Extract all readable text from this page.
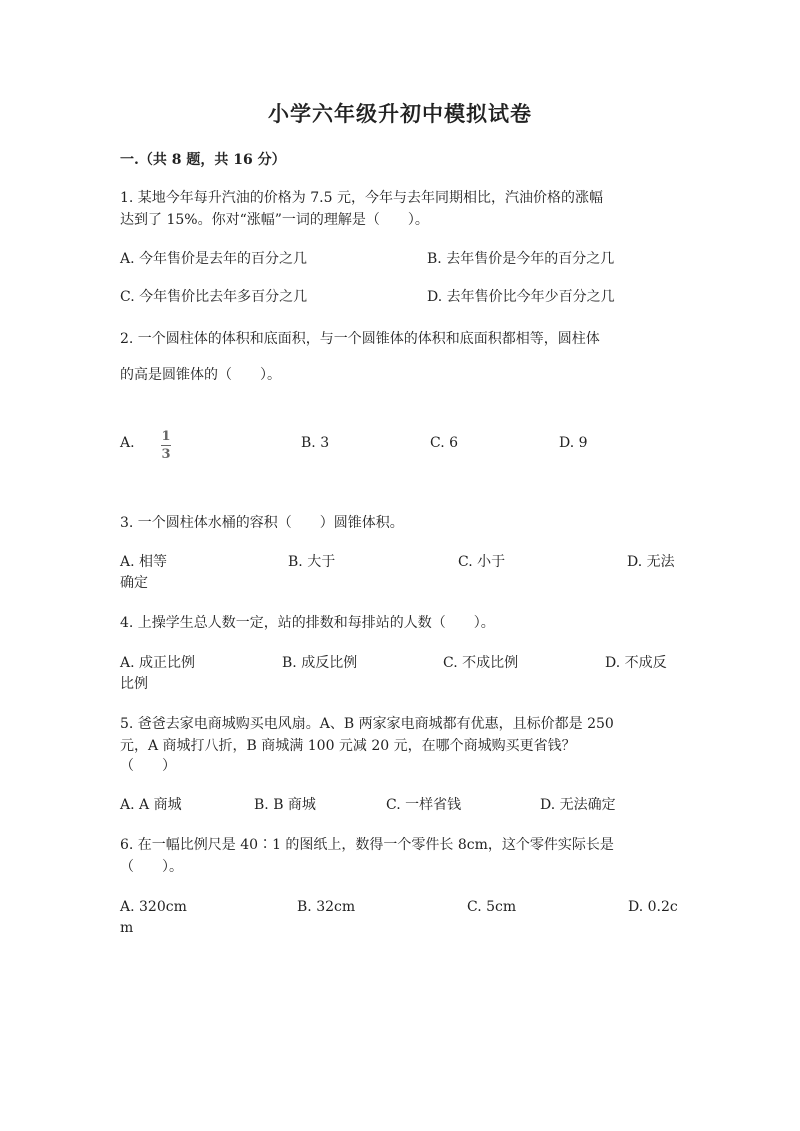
小学六年级升初中模拟试卷
一.（共 8 题，共 16 分）
1. 某地今年每升汽油的价格为 7.5 元，今年与去年同期相比，汽油价格的涨幅
达到了 15%。你对“涨幅”一词的理解是（　　）。
A. 今年售价是去年的百分之几	B. 去年售价是今年的百分之几
C. 今年售价比去年多百分之几	D. 去年售价比今年少百分之几
2. 一个圆柱体的体积和底面积，与一个圆锥体的体积和底面积都相等，圆柱体
的高是圆锥体的（　　）。
A. $\frac{1}{3}$	B. 3	C. 6	D. 9
3. 一个圆柱体水桶的容积（　　）圆锥体积。
A. 相等	B. 大于	C. 小于	D. 无法
确定
4. 上操学生总人数一定，站的排数和每排站的人数（　　）。
A. 成正比例	B. 成反比例	C. 不成比例	D. 不成反
比例
5. 爸爸去家电商城购买电风扇。A、B 两家家电商城都有优惠，且标价都是 250
元，A 商城打八折，B 商城满 100 元减 20 元，在哪个商城购买更省钱？
（　　）
A. A 商城	B. B 商城	C. 一样省钱	D. 无法确定
6. 在一幅比例尺是 40∶1 的图纸上，数得一个零件长 8cm，这个零件实际长是
（　　）。
A. 320cm	B. 32cm	C. 5cm	D. 0.2c
m
